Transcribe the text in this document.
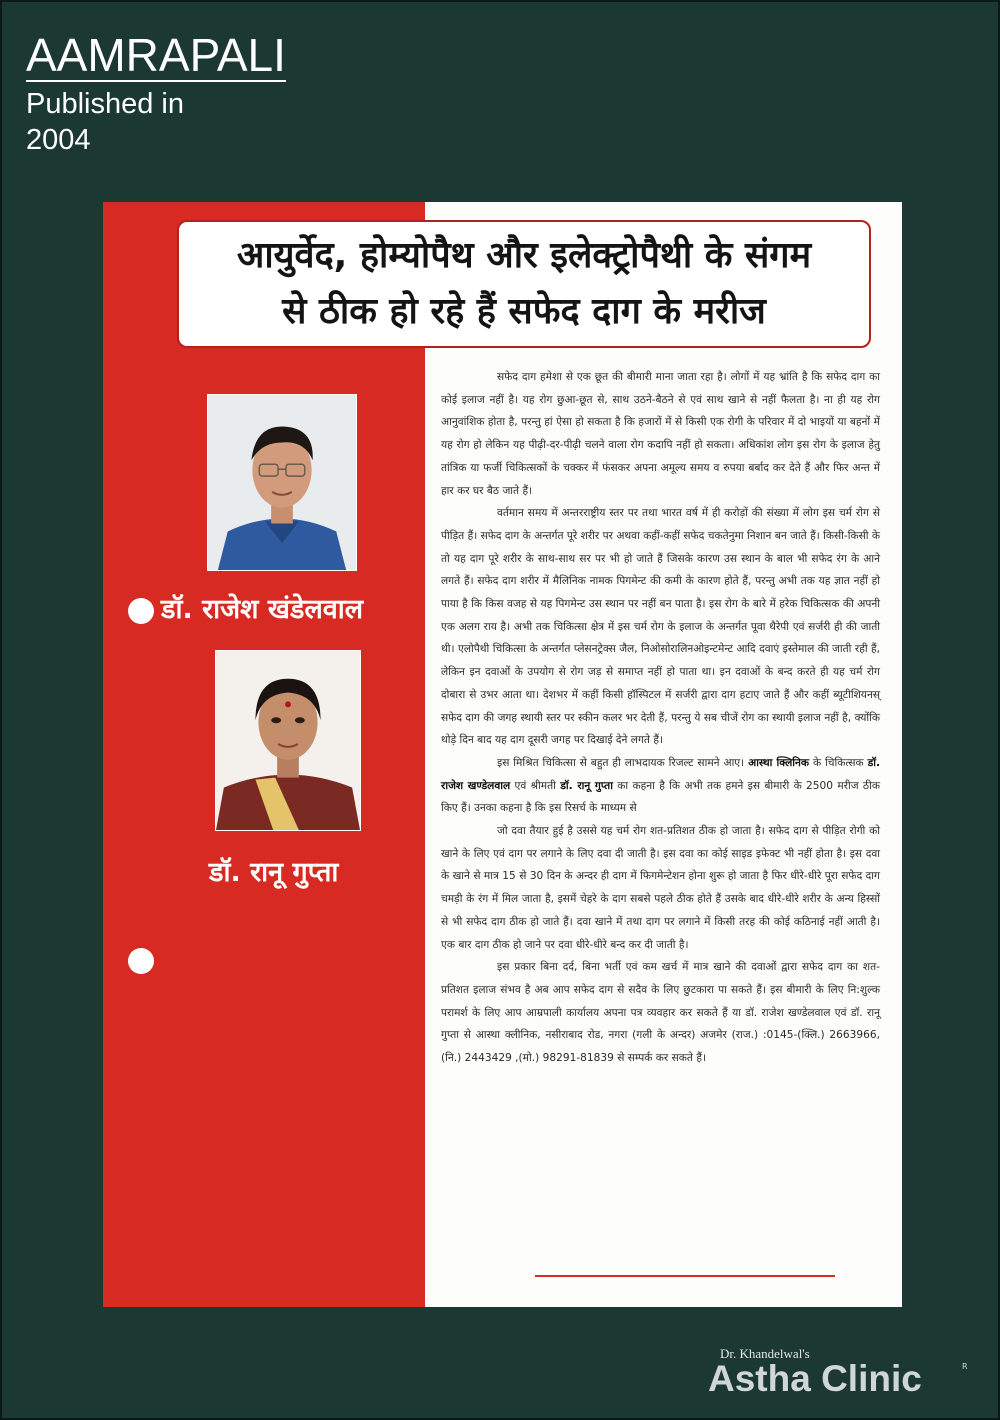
AAMRAPALI
Published in
2004
आयुर्वेद, होम्योपैथ और इलेक्ट्रोपैथी के संगम
से ठीक हो रहे हैं सफेद दाग के मरीज
डॉ. राजेश खंडेलवाल
डॉ. रानू गुप्ता

सफेद दाग हमेशा से एक छूत की बीमारी माना जाता रहा है। लोगों में यह भ्रांति है कि सफेद दाग का कोई इलाज नहीं है। यह रोग छुआ-छूत से, साथ उठने-बैठने से एवं साथ खाने से नहीं फैलता है। ना ही यह रोग आनुवांशिक होता है, परन्तु हां ऐसा हो सकता है कि हजारों में से किसी एक रोगी के परिवार में दो भाइयों या बहनों में यह रोग हो लेकिन यह पीढ़ी-दर-पीढ़ी चलने वाला रोग कदापि नहीं हो सकता। अधिकांश लोग इस रोग के इलाज हेतु तांत्रिक या फर्जी चिकित्सकों के चक्कर में फंसकर अपना अमूल्य समय व रुपया बर्बाद कर देते हैं और फिर अन्त में हार कर घर बैठ जाते हैं।

वर्तमान समय में अन्तरराष्ट्रीय स्तर पर तथा भारत वर्ष में ही करोड़ों की संख्या में लोग इस चर्म रोग से पीड़ित हैं। सफेद दाग के अन्तर्गत पूरे शरीर पर अथवा कहीं-कहीं सफेद चकतेनुमा निशान बन जाते हैं। किसी-किसी के तो यह दाग पूरे शरीर के साथ-साथ सर पर भी हो जाते हैं जिसके कारण उस स्थान के बाल भी सफेद रंग के आने लगते हैं। सफेद दाग शरीर में मैलिनिक नामक पिगमेन्ट की कमी के कारण होते हैं, परन्तु अभी तक यह ज्ञात नहीं हो पाया है कि किस वजह से यह पिगमेन्ट उस स्थान पर नहीं बन पाता है। इस रोग के बारे में हरेक चिकित्सक की अपनी एक अलग राय है। अभी तक चिकित्सा क्षेत्र में इस चर्म रोग के इलाज के अन्तर्गत पूवा थैरेपी एवं सर्जरी ही की जाती थी। एलोपैथी चिकित्सा के अन्तर्गत प्लेसनट्रेक्स जैल, निओसोरालिनओइन्टमेन्ट आदि दवाएं इस्तेमाल की जाती रही हैं, लेकिन इन दवाओं के उपयोग से रोग जड़ से समाप्त नहीं हो पाता था। इन दवाओं के बन्द करते ही यह चर्म रोग दोबारा से उभर आता था। देशभर में कहीं किसी हॉस्पिटल में सर्जरी द्वारा दाग हटाए जाते हैं और कहीं ब्यूटीशियनस् सफेद दाग की जगह स्थायी स्तर पर स्कीन कलर भर देती हैं, परन्तु ये सब चीजें रोग का स्थायी इलाज नहीं है, क्योंकि थोड़े दिन बाद यह दाग दूसरी जगह पर दिखाई देने लगते हैं।

इस मिश्रित चिकित्सा से बहुत ही लाभदायक रिजल्ट सामने आए। आस्था क्लिनिक के चिकित्सक डॉ. राजेश खण्डेलवाल एवं श्रीमती डॉ. रानू गुप्ता का कहना है कि अभी तक हमने इस बीमारी के 2500 मरीज ठीक किए हैं। उनका कहना है कि इस रिसर्च के माध्यम से

जो दवा तैयार हुई है उससे यह चर्म रोग शत-प्रतिशत ठीक हो जाता है। सफेद दाग से पीड़ित रोगी को खाने के लिए एवं दाग पर लगाने के लिए दवा दी जाती है। इस दवा का कोई साइड इफेक्ट भी नहीं होता है। इस दवा के खाने से मात्र 15 से 30 दिन के अन्दर ही दाग में फिगमेन्टेशन होना शुरू हो जाता है फिर धीरे-धीरे पूरा सफेद दाग चमड़ी के रंग में मिल जाता है, इसमें चेहरे के दाग सबसे पहले ठीक होते हैं उसके बाद धीरे-धीरे शरीर के अन्य हिस्सों से भी सफेद दाग ठीक हो जाते हैं। दवा खाने में तथा दाग पर लगाने में किसी तरह की कोई कठिनाई नहीं आती है। एक बार दाग ठीक हो जाने पर दवा धीरे-धीरे बन्द कर दी जाती है।

इस प्रकार बिना दर्द, बिना भर्ती एवं कम खर्च में मात्र खाने की दवाओं द्वारा सफेद दाग का शत-प्रतिशत इलाज संभव है अब आप सफेद दाग से सदैव के लिए छुटकारा पा सकते हैं। इस बीमारी के लिए नि:शुल्क परामर्श के लिए आप आम्रपाली कार्यालय अपना पत्र व्यवहार कर सकते हैं या डॉ. राजेश खण्डेलवाल एवं डॉ. रानू गुप्ता से आस्था क्लीनिक, नसीराबाद रोड, नगरा (गली के अन्दर) अजमेर (राज.) :0145-(क्लि.) 2663966, (नि.) 2443429 ,(मो.) 98291-81839 से सम्पर्क कर सकते हैं।

Dr. Khandelwal's
Astha Clinic	R
